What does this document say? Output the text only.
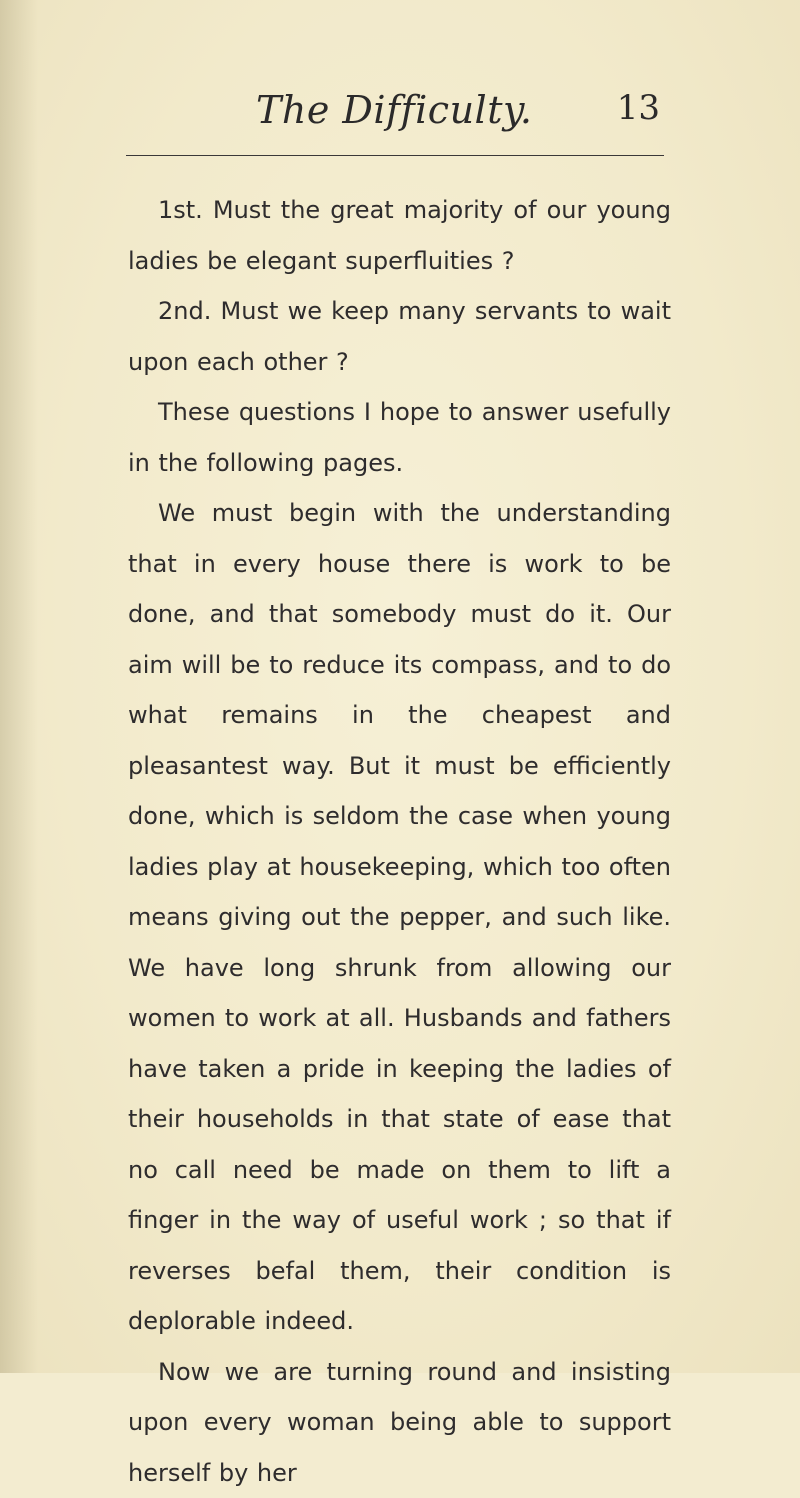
The Difficulty. 13

1st. Must the great majority of our young ladies be elegant superfluities ?

2nd. Must we keep many servants to wait upon each other ?

These questions I hope to answer usefully in the following pages.

We must begin with the understanding that in every house there is work to be done, and that somebody must do it. Our aim will be to reduce its compass, and to do what remains in the cheapest and pleasantest way. But it must be efficiently done, which is seldom the case when young ladies play at housekeeping, which too often means giving out the pepper, and such like. We have long shrunk from allowing our women to work at all. Husbands and fathers have taken a pride in keeping the ladies of their households in that state of ease that no call need be made on them to lift a finger in the way of useful work ; so that if reverses befal them, their condition is deplorable indeed.

Now we are turning round and insisting upon every woman being able to support herself by her
